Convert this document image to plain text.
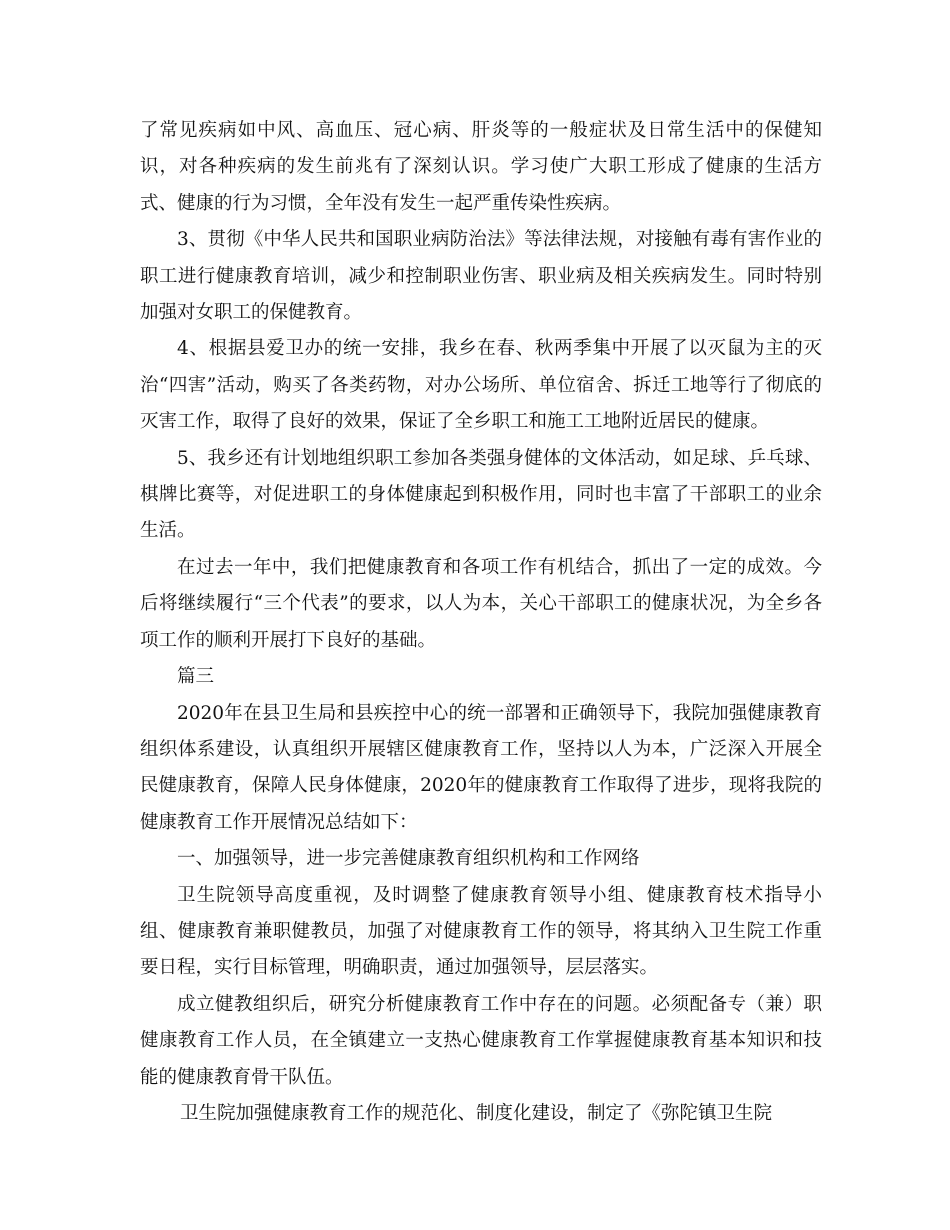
了常见疾病如中风、高血压、冠心病、肝炎等的一般症状及日常生活中的保健知识，对各种疾病的发生前兆有了深刻认识。学习使广大职工形成了健康的生活方式、健康的行为习惯，全年没有发生一起严重传染性疾病。

3、贯彻《中华人民共和国职业病防治法》等法律法规，对接触有毒有害作业的职工进行健康教育培训，减少和控制职业伤害、职业病及相关疾病发生。同时特别加强对女职工的保健教育。

4、根据县爱卫办的统一安排，我乡在春、秋两季集中开展了以灭鼠为主的灭治“四害”活动，购买了各类药物，对办公场所、单位宿舍、拆迁工地等行了彻底的灭害工作，取得了良好的效果，保证了全乡职工和施工工地附近居民的健康。

5、我乡还有计划地组织职工参加各类强身健体的文体活动，如足球、乒乓球、棋牌比赛等，对促进职工的身体健康起到积极作用，同时也丰富了干部职工的业余生活。

在过去一年中，我们把健康教育和各项工作有机结合，抓出了一定的成效。今后将继续履行“三个代表”的要求，以人为本，关心干部职工的健康状况，为全乡各项工作的顺利开展打下良好的基础。

篇三

2020年在县卫生局和县疾控中心的统一部署和正确领导下，我院加强健康教育组织体系建设，认真组织开展辖区健康教育工作，坚持以人为本，广泛深入开展全民健康教育，保障人民身体健康，2020年的健康教育工作取得了进步，现将我院的健康教育工作开展情况总结如下：

一、加强领导，进一步完善健康教育组织机构和工作网络

卫生院领导高度重视，及时调整了健康教育领导小组、健康教育枝术指导小组、健康教育兼职健教员，加强了对健康教育工作的领导，将其纳入卫生院工作重要日程，实行目标管理，明确职责，通过加强领导，层层落实。

成立健教组织后，研究分析健康教育工作中存在的问题。必须配备专（兼）职健康教育工作人员，在全镇建立一支热心健康教育工作掌握健康教育基本知识和技能的健康教育骨干队伍。

卫生院加强健康教育工作的规范化、制度化建设，制定了《弥陀镇卫生院
